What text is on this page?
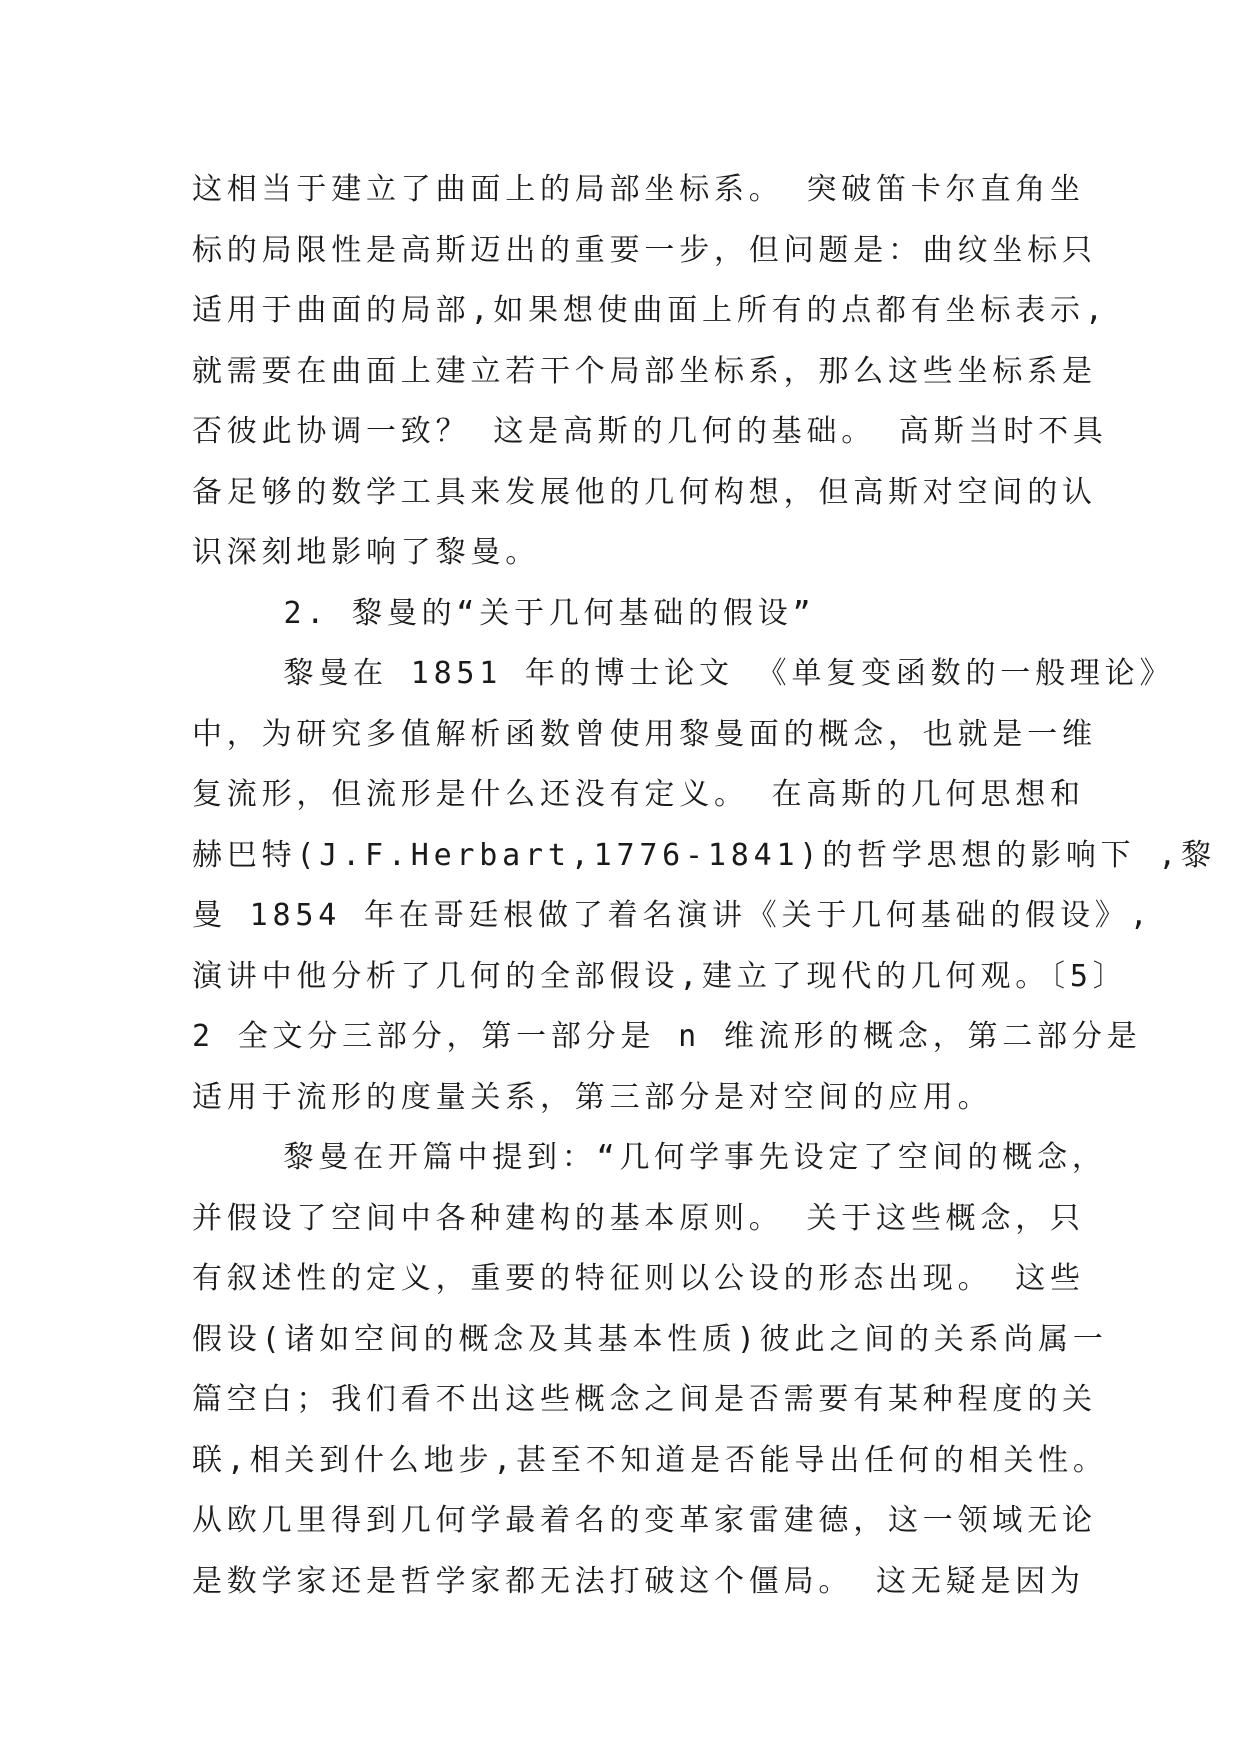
这相当于建立了曲面上的局部坐标系。 突破笛卡尔直角坐
标的局限性是高斯迈出的重要一步，但问题是：曲纹坐标只
适用于曲面的局部,如果想使曲面上所有的点都有坐标表示,
就需要在曲面上建立若干个局部坐标系，那么这些坐标系是
否彼此协调一致？ 这是高斯的几何的基础。 高斯当时不具
备足够的数学工具来发展他的几何构想，但高斯对空间的认
识深刻地影响了黎曼。
2. 黎曼的“关于几何基础的假设”
黎曼在 1851 年的博士论文 《单复变函数的一般理论》
中，为研究多值解析函数曾使用黎曼面的概念，也就是一维
复流形，但流形是什么还没有定义。 在高斯的几何思想和
赫巴特(J.F.Herbart,1776-1841)的哲学思想的影响下 ,黎
曼 1854 年在哥廷根做了着名演讲《关于几何基础的假设》,
演讲中他分析了几何的全部假设,建立了现代的几何观。〔5〕
2 全文分三部分，第一部分是 n 维流形的概念，第二部分是
适用于流形的度量关系，第三部分是对空间的应用。
黎曼在开篇中提到：“几何学事先设定了空间的概念，
并假设了空间中各种建构的基本原则。 关于这些概念，只
有叙述性的定义，重要的特征则以公设的形态出现。 这些
假设(诸如空间的概念及其基本性质)彼此之间的关系尚属一
篇空白；我们看不出这些概念之间是否需要有某种程度的关
联,相关到什么地步,甚至不知道是否能导出任何的相关性。
从欧几里得到几何学最着名的变革家雷建德，这一领域无论
是数学家还是哲学家都无法打破这个僵局。 这无疑是因为
